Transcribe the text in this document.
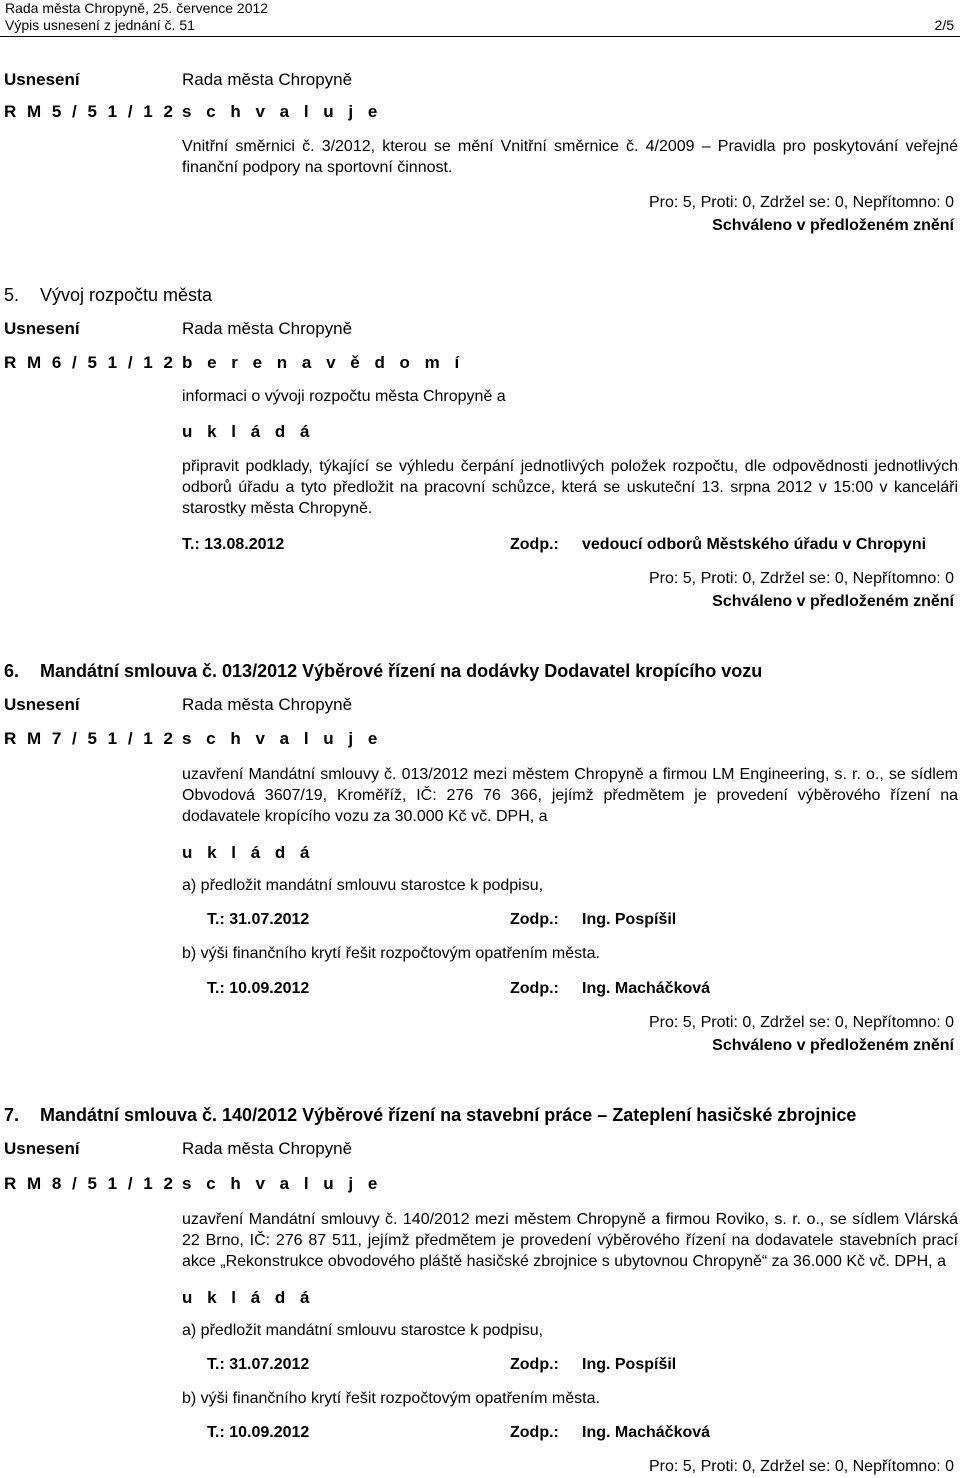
Rada města Chropyně, 25. července 2012
Výpis usnesení z jednání č. 51	2/5
Usnesení	Rada města Chropyně
R M 5 / 5 1 / 1 2 s c h v a l u j e
Vnitřní směrnici č. 3/2012, kterou se mění Vnitřní směrnice č. 4/2009 – Pravidla pro poskytování veřejné finanční podpory na sportovní činnost.
Pro: 5, Proti: 0, Zdržel se: 0, Nepřítomno: 0
Schváleno v předloženém znění
5. Vývoj rozpočtu města
Usnesení	Rada města Chropyně
R M 6 / 5 1 / 1 2 b e r e n a v ě d o m í
informaci o vývoji rozpočtu města Chropyně a
u k l á d á
připravit podklady, týkající se výhledu čerpání jednotlivých položek rozpočtu, dle odpovědnosti jednotlivých odborů úřadu a tyto předložit na pracovní schůzce, která se uskuteční 13. srpna 2012 v 15:00 v kanceláři starostky města Chropyně.
T.: 13.08.2012	Zodp.: vedoucí odborů Městského úřadu v Chropyni
Pro: 5, Proti: 0, Zdržel se: 0, Nepřítomno: 0
Schváleno v předloženém znění
6. Mandátní smlouva č. 013/2012 Výběrové řízení na dodávky Dodavatel kropícího vozu
Usnesení	Rada města Chropyně
R M 7 / 5 1 / 1 2 s c h v a l u j e
uzavření Mandátní smlouvy č. 013/2012 mezi městem Chropyně a firmou LM Engineering, s. r. o., se sídlem Obvodová 3607/19, Kroměříž, IČ: 276 76 366, jejímž předmětem je provedení výběrového řízení na dodavatele kropícího vozu za 30.000 Kč vč. DPH, a
u k l á d á
a) předložit mandátní smlouvu starostce k podpisu,
T.: 31.07.2012	Zodp.: Ing. Pospíšil
b) výši finančního krytí řešit rozpočtovým opatřením města.
T.: 10.09.2012	Zodp.: Ing. Macháčková
Pro: 5, Proti: 0, Zdržel se: 0, Nepřítomno: 0
Schváleno v předloženém znění
7. Mandátní smlouva č. 140/2012 Výběrové řízení na stavební práce – Zateplení hasičské zbrojnice
Usnesení	Rada města Chropyně
R M 8 / 5 1 / 1 2 s c h v a l u j e
uzavření Mandátní smlouvy č. 140/2012 mezi městem Chropyně a firmou Roviko, s. r. o., se sídlem Vlárská 22 Brno, IČ: 276 87 511, jejímž předmětem je provedení výběrového řízení na dodavatele stavebních prací akce „Rekonstrukce obvodového pláště hasičské zbrojnice s ubytovnou Chropyně“ za 36.000 Kč vč. DPH, a
u k l á d á
a) předložit mandátní smlouvu starostce k podpisu,
T.: 31.07.2012	Zodp.: Ing. Pospíšil
b) výši finančního krytí řešit rozpočtovým opatřením města.
T.: 10.09.2012	Zodp.: Ing. Macháčková
Pro: 5, Proti: 0, Zdržel se: 0, Nepřítomno: 0
